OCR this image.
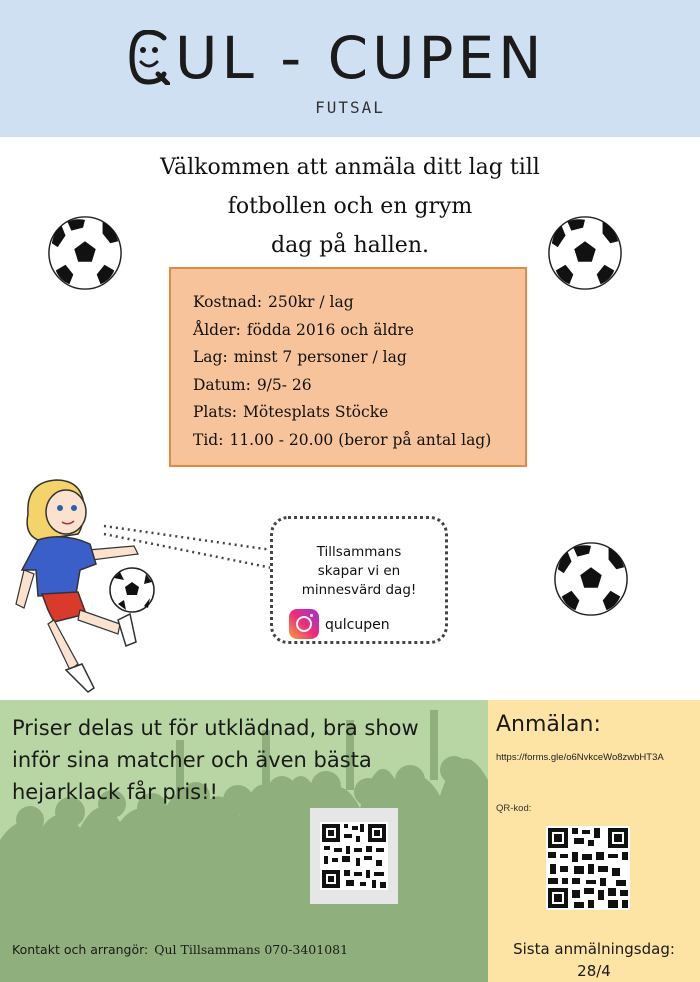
UL - CUPEN
FUTSAL
Välkommen att anmäla ditt lag till
fotbollen och en grym
dag på hallen.
Kostnad: 250kr / lag
Ålder: födda 2016 och äldre
Lag: minst 7 personer / lag
Datum: 9/5- 26
Plats: Mötesplats Stöcke
Tid: 11.00 - 20.00 (beror på antal lag)
Tillsammans
skapar vi en
minnesvärd dag!
qulcupen
Priser delas ut för utklädnad, bra show inför sina matcher och även bästa hejarklack får pris!!
Kontakt och arrangör: Qul Tillsammans 070-3401081
Anmälan:
https://forms.gle/o6NvkceWo8zwbHT3A
QR-kod:
Sista anmälningsdag:
28/4
